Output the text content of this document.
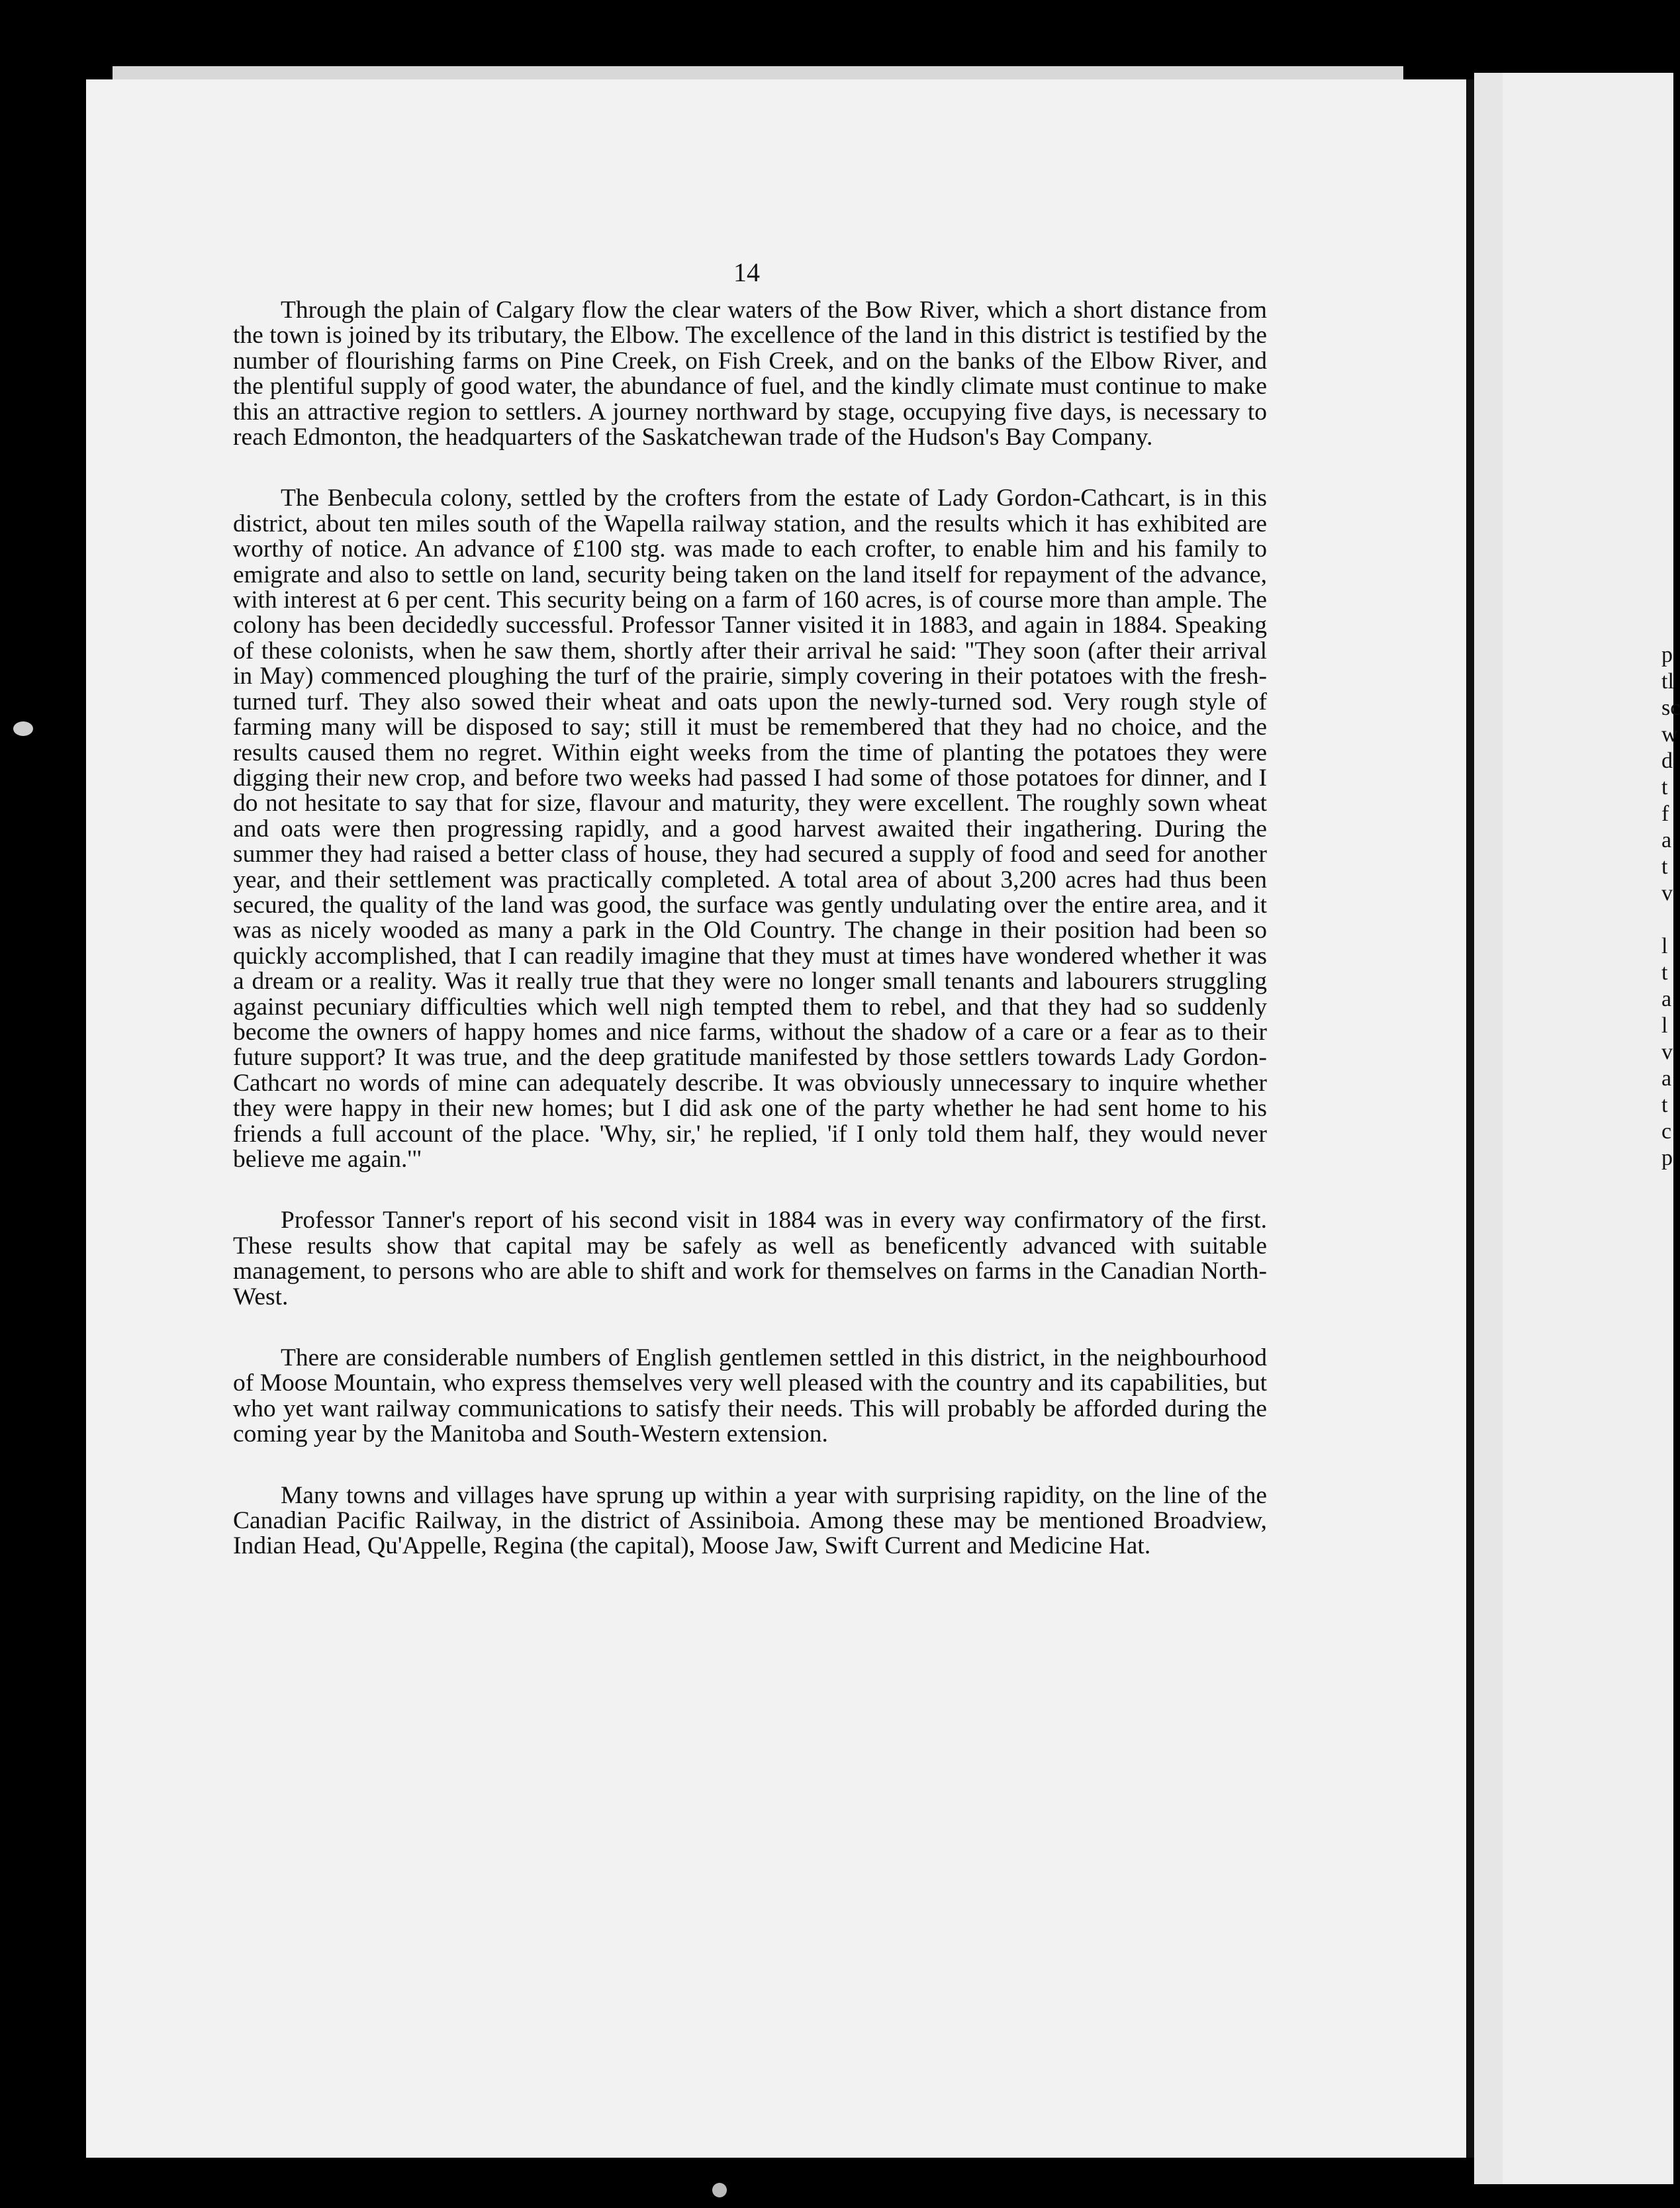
p
tl
sc
w
d
t
f
a
t
v

l
t
a
l
v
a
t
c
p
14

Through the plain of Calgary flow the clear waters of the Bow River, which a short distance from the town is joined by its tributary, the Elbow. The excellence of the land in this district is testified by the number of flourishing farms on Pine Creek, on Fish Creek, and on the banks of the Elbow River, and the plentiful supply of good water, the abundance of fuel, and the kindly climate must continue to make this an attractive region to settlers. A journey northward by stage, occupying five days, is necessary to reach Edmonton, the headquarters of the Saskatchewan trade of the Hudson's Bay Company.

The Benbecula colony, settled by the crofters from the estate of Lady Gordon-Cathcart, is in this district, about ten miles south of the Wapella railway station, and the results which it has exhibited are worthy of notice. An advance of £100 stg. was made to each crofter, to enable him and his family to emigrate and also to settle on land, security being taken on the land itself for repayment of the advance, with interest at 6 per cent. This security being on a farm of 160 acres, is of course more than ample. The colony has been decidedly successful. Professor Tanner visited it in 1883, and again in 1884. Speaking of these colonists, when he saw them, shortly after their arrival he said: "They soon (after their arrival in May) commenced ploughing the turf of the prairie, simply covering in their potatoes with the fresh-turned turf. They also sowed their wheat and oats upon the newly-turned sod. Very rough style of farming many will be disposed to say; still it must be remembered that they had no choice, and the results caused them no regret. Within eight weeks from the time of planting the potatoes they were digging their new crop, and before two weeks had passed I had some of those potatoes for dinner, and I do not hesitate to say that for size, flavour and maturity, they were excellent. The roughly sown wheat and oats were then progressing rapidly, and a good harvest awaited their ingathering. During the summer they had raised a better class of house, they had secured a supply of food and seed for another year, and their settlement was practically completed. A total area of about 3,200 acres had thus been secured, the quality of the land was good, the surface was gently undulating over the entire area, and it was as nicely wooded as many a park in the Old Country. The change in their position had been so quickly accomplished, that I can readily imagine that they must at times have wondered whether it was a dream or a reality. Was it really true that they were no longer small tenants and labourers struggling against pecuniary difficulties which well nigh tempted them to rebel, and that they had so suddenly become the owners of happy homes and nice farms, without the shadow of a care or a fear as to their future support? It was true, and the deep gratitude manifested by those settlers towards Lady Gordon-Cathcart no words of mine can adequately describe. It was obviously unnecessary to inquire whether they were happy in their new homes; but I did ask one of the party whether he had sent home to his friends a full account of the place. 'Why, sir,' he replied, 'if I only told them half, they would never believe me again.'"

Professor Tanner's report of his second visit in 1884 was in every way confirmatory of the first. These results show that capital may be safely as well as beneficently advanced with suitable management, to persons who are able to shift and work for themselves on farms in the Canadian North-West.

There are considerable numbers of English gentlemen settled in this district, in the neighbourhood of Moose Mountain, who express themselves very well pleased with the country and its capabilities, but who yet want railway communications to satisfy their needs. This will probably be afforded during the coming year by the Manitoba and South-Western extension.

Many towns and villages have sprung up within a year with surprising rapidity, on the line of the Canadian Pacific Railway, in the district of Assiniboia. Among these may be mentioned Broadview, Indian Head, Qu'Appelle, Regina (the capital), Moose Jaw, Swift Current and Medicine Hat.
